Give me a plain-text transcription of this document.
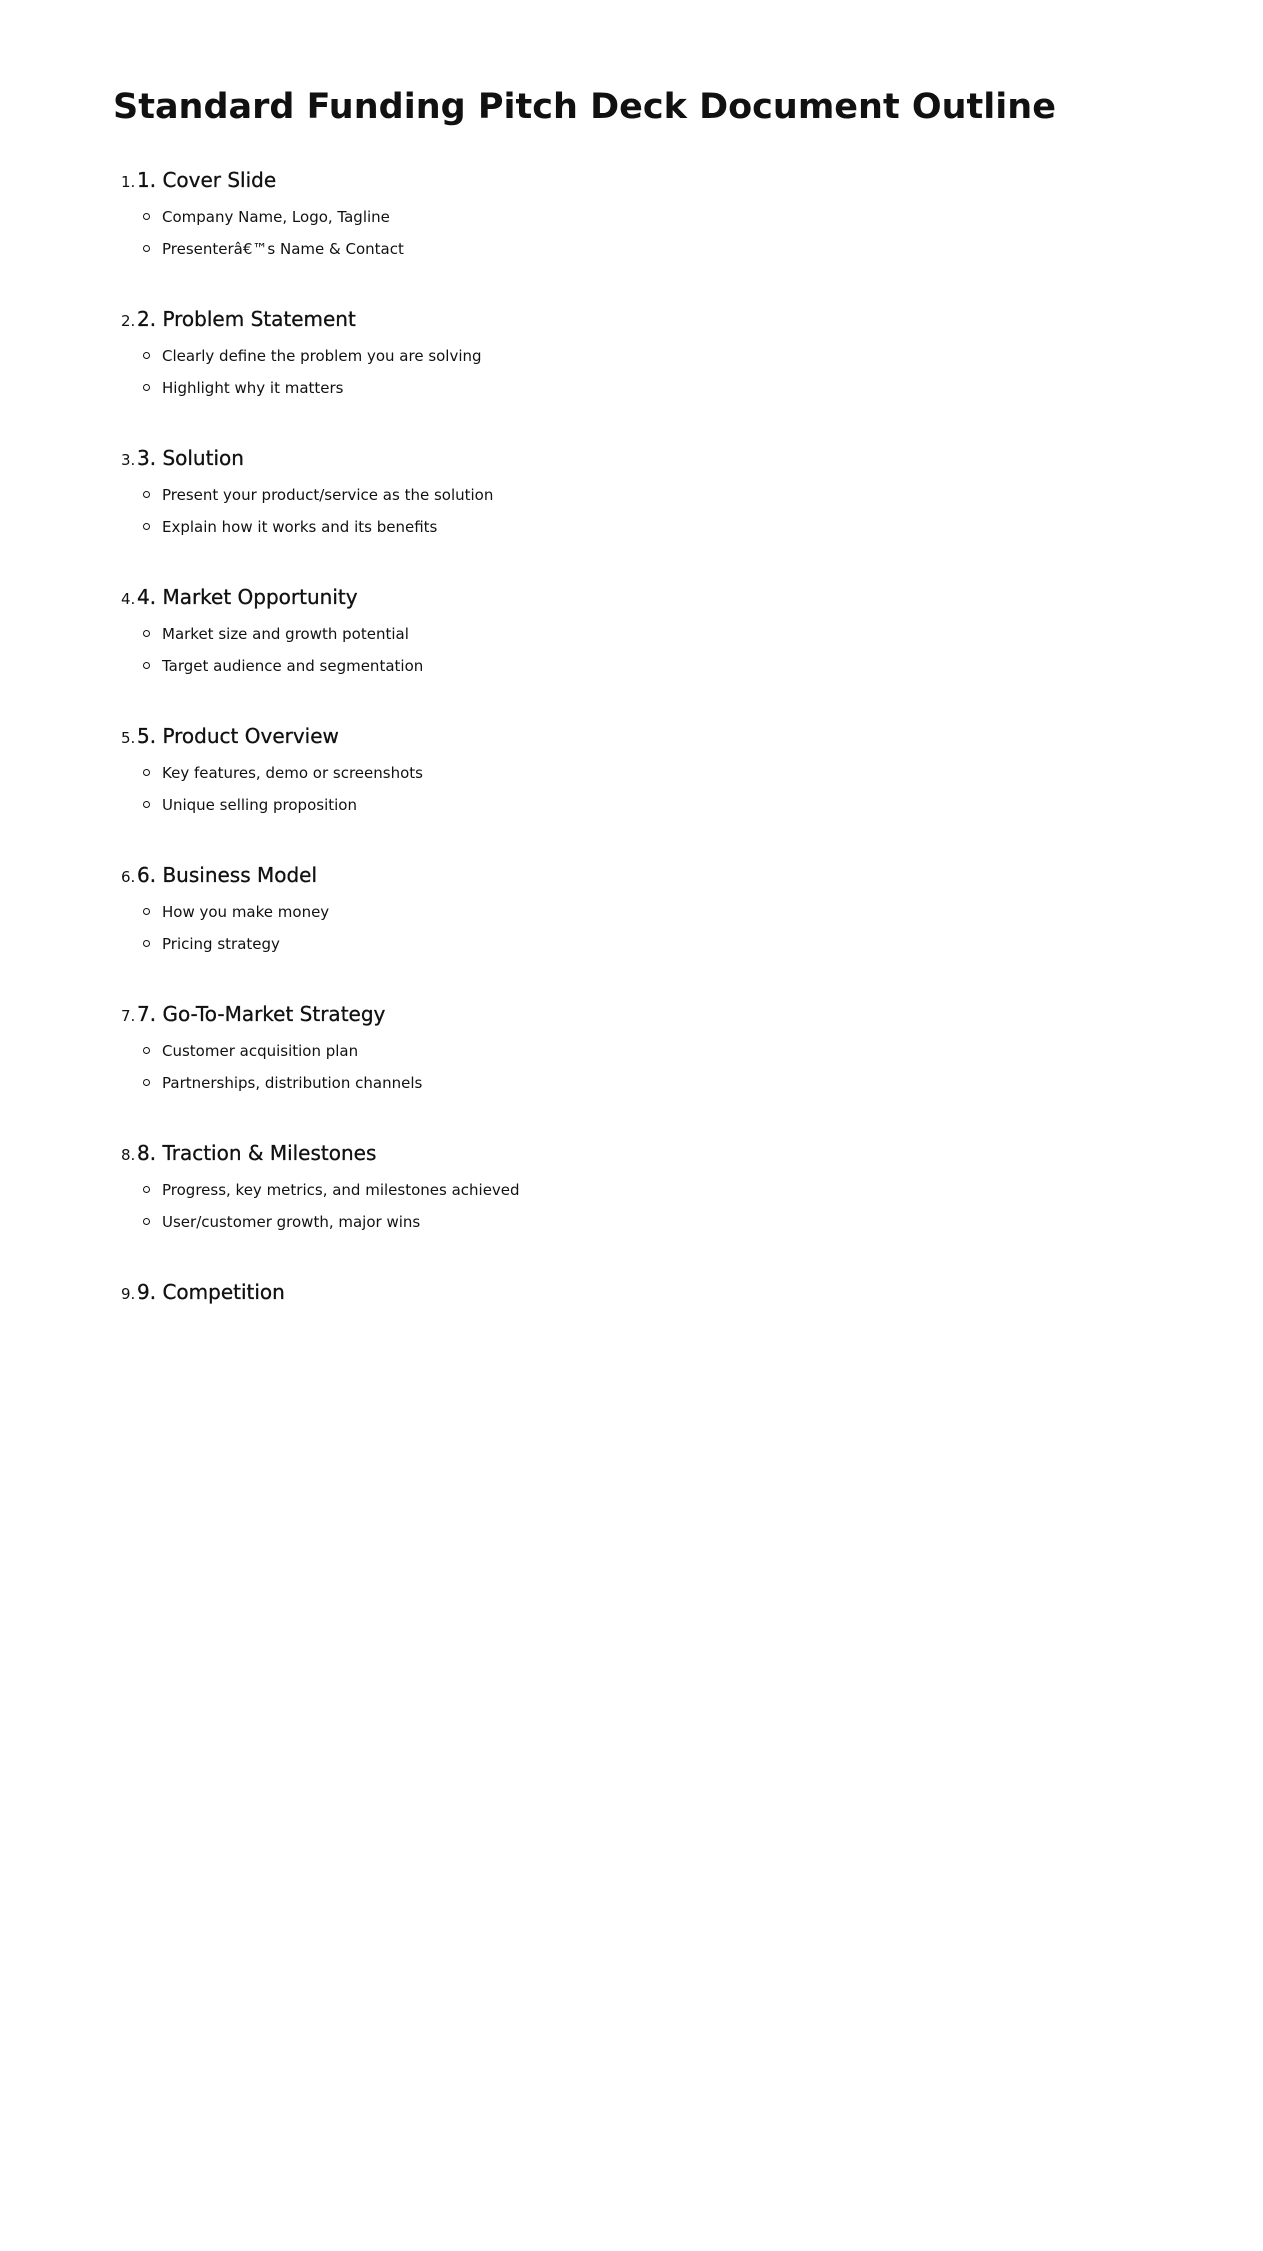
Standard Funding Pitch Deck Document Outline
1. 1. Cover Slide
Company Name, Logo, Tagline
Presenterâ€™s Name & Contact
2. 2. Problem Statement
Clearly define the problem you are solving
Highlight why it matters
3. 3. Solution
Present your product/service as the solution
Explain how it works and its benefits
4. 4. Market Opportunity
Market size and growth potential
Target audience and segmentation
5. 5. Product Overview
Key features, demo or screenshots
Unique selling proposition
6. 6. Business Model
How you make money
Pricing strategy
7. 7. Go-To-Market Strategy
Customer acquisition plan
Partnerships, distribution channels
8. 8. Traction & Milestones
Progress, key metrics, and milestones achieved
User/customer growth, major wins
9. 9. Competition
